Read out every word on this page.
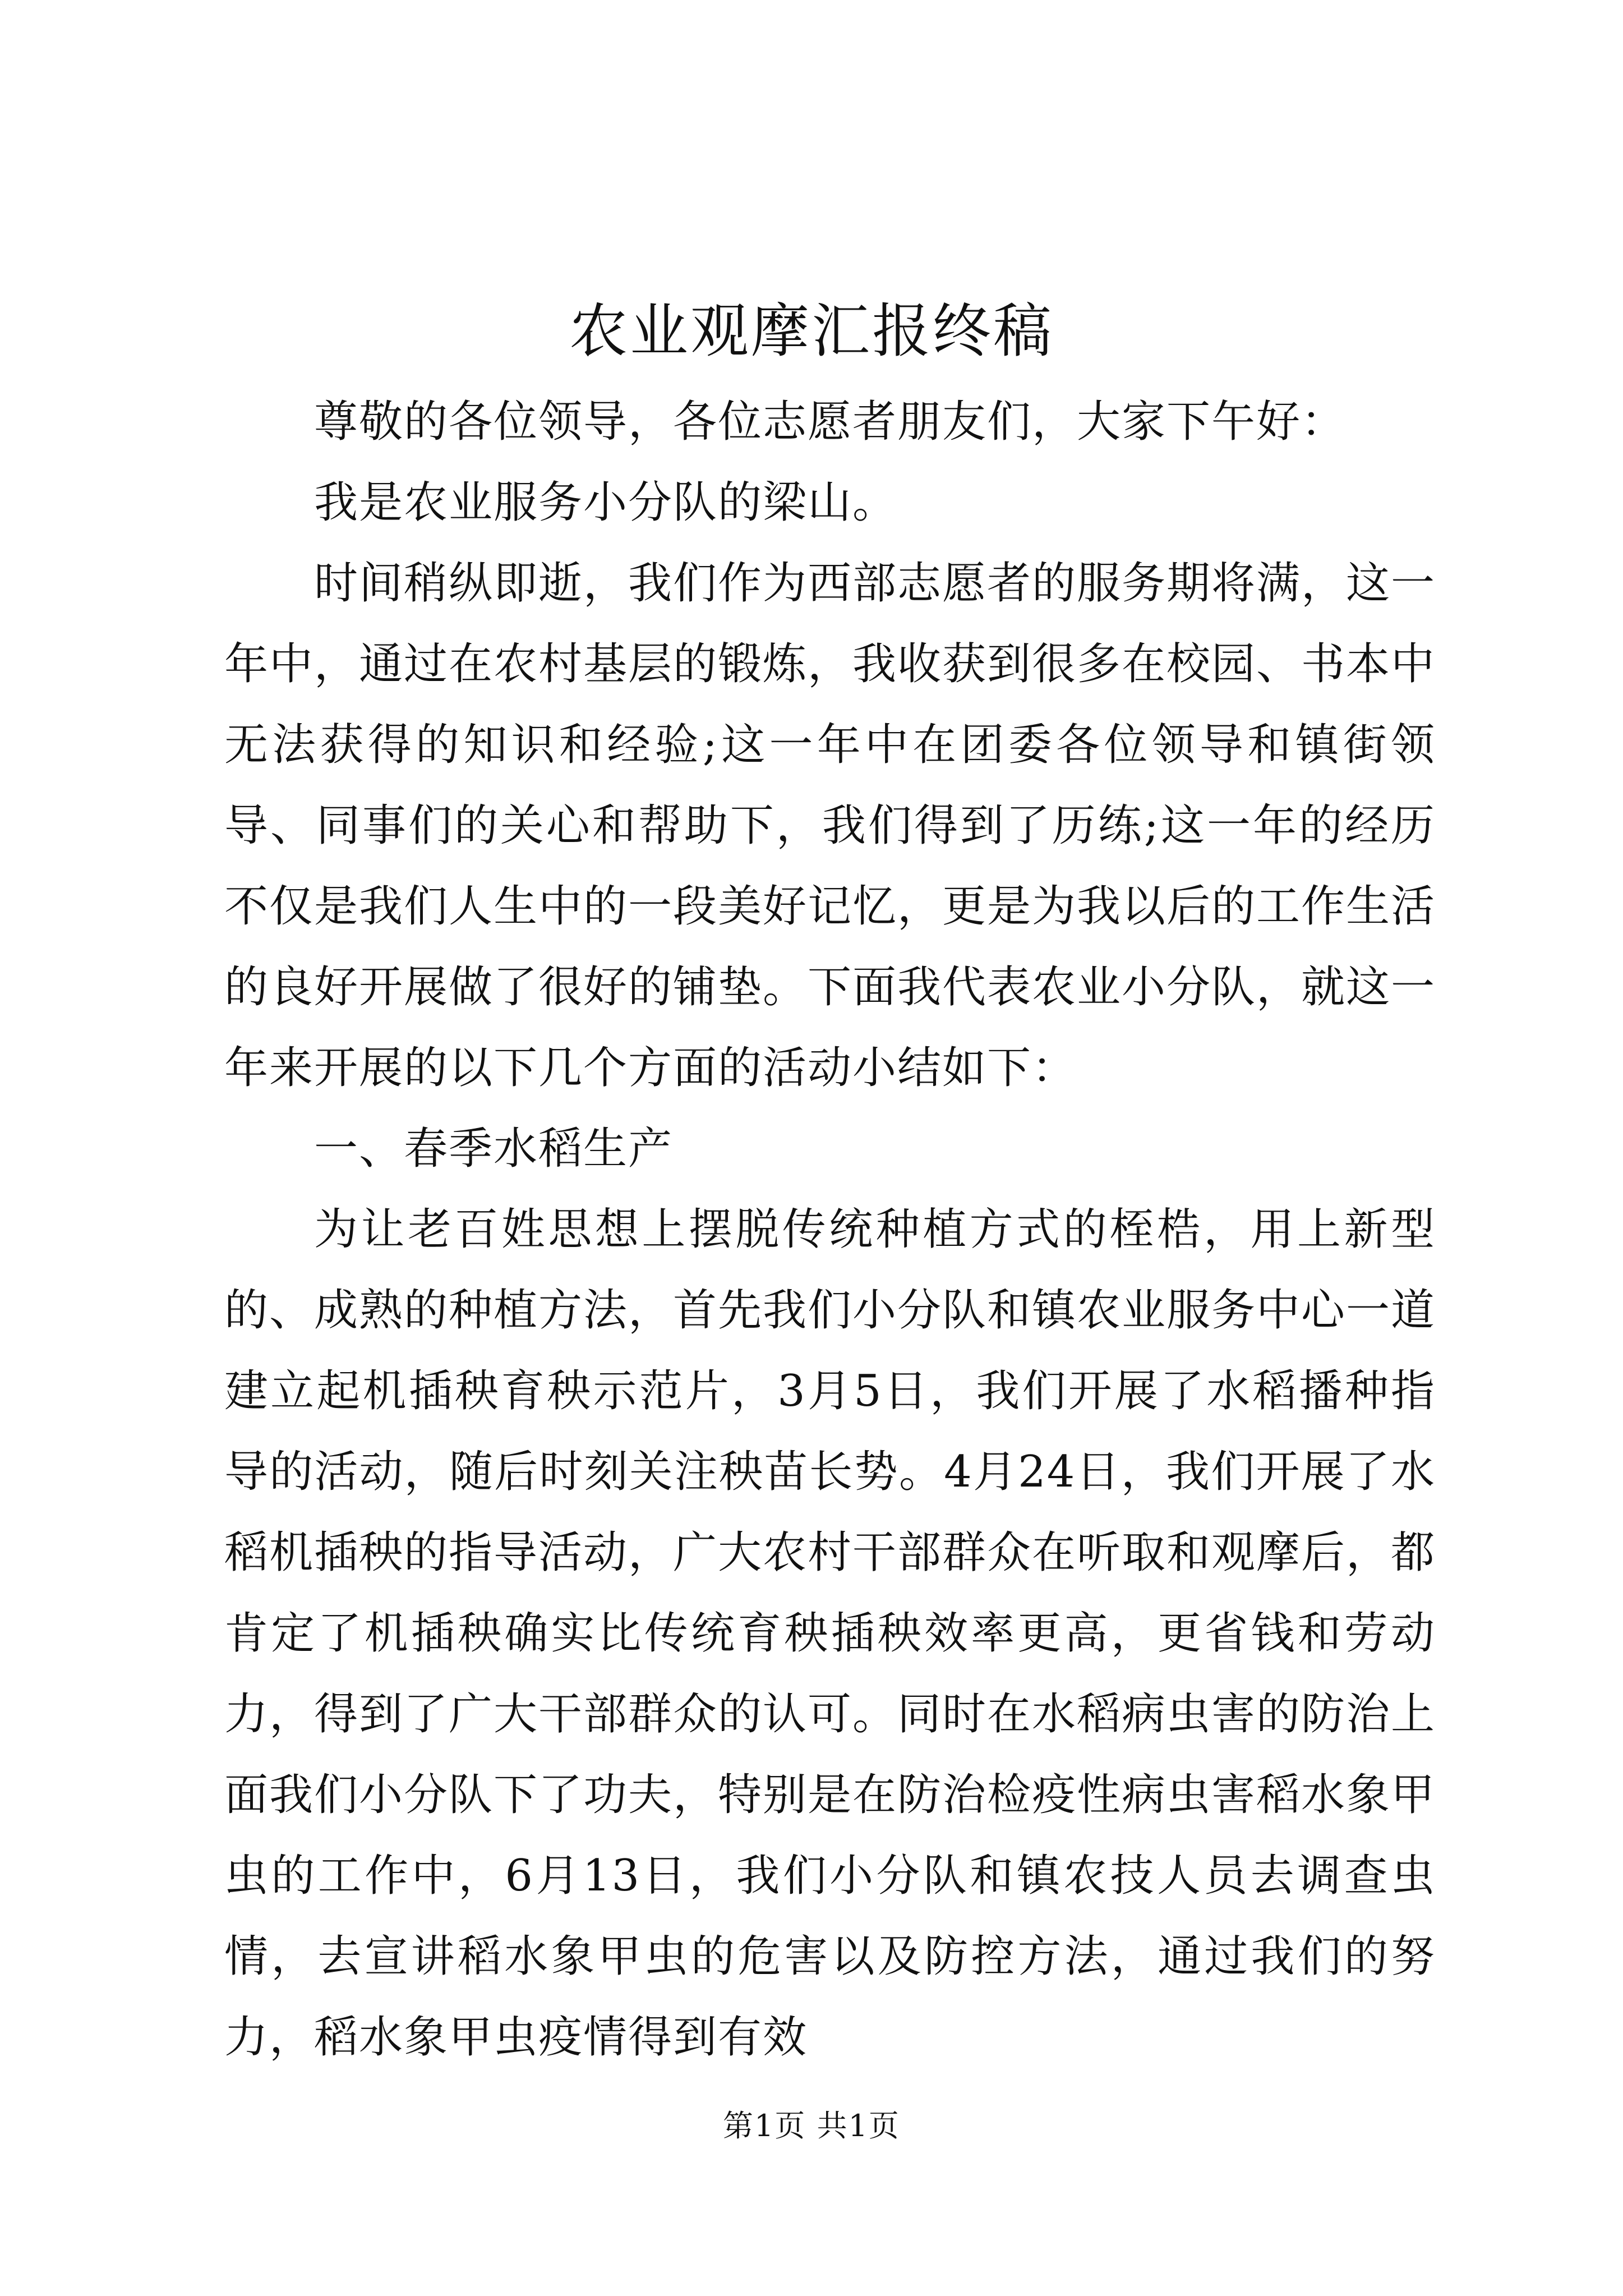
农业观摩汇报终稿

尊敬的各位领导，各位志愿者朋友们，大家下午好：

我是农业服务小分队的梁山。

时间稍纵即逝，我们作为西部志愿者的服务期将满，这一年中，通过在农村基层的锻炼，我收获到很多在校园、书本中无法获得的知识和经验;这一年中在团委各位领导和镇街领导、同事们的关心和帮助下，我们得到了历练;这一年的经历不仅是我们人生中的一段美好记忆，更是为我以后的工作生活的良好开展做了很好的铺垫。下面我代表农业小分队，就这一年来开展的以下几个方面的活动小结如下：

一、春季水稻生产

为让老百姓思想上摆脱传统种植方式的桎梏，用上新型的、成熟的种植方法，首先我们小分队和镇农业服务中心一道建立起机插秧育秧示范片，3月5日，我们开展了水稻播种指导的活动，随后时刻关注秧苗长势。4月24日，我们开展了水稻机插秧的指导活动，广大农村干部群众在听取和观摩后，都肯定了机插秧确实比传统育秧插秧效率更高，更省钱和劳动力，得到了广大干部群众的认可。同时在水稻病虫害的防治上面我们小分队下了功夫，特别是在防治检疫性病虫害稻水象甲虫的工作中，6月13日，我们小分队和镇农技人员去调查虫情，去宣讲稻水象甲虫的危害以及防控方法，通过我们的努力，稻水象甲虫疫情得到有效

第1页 共1页
